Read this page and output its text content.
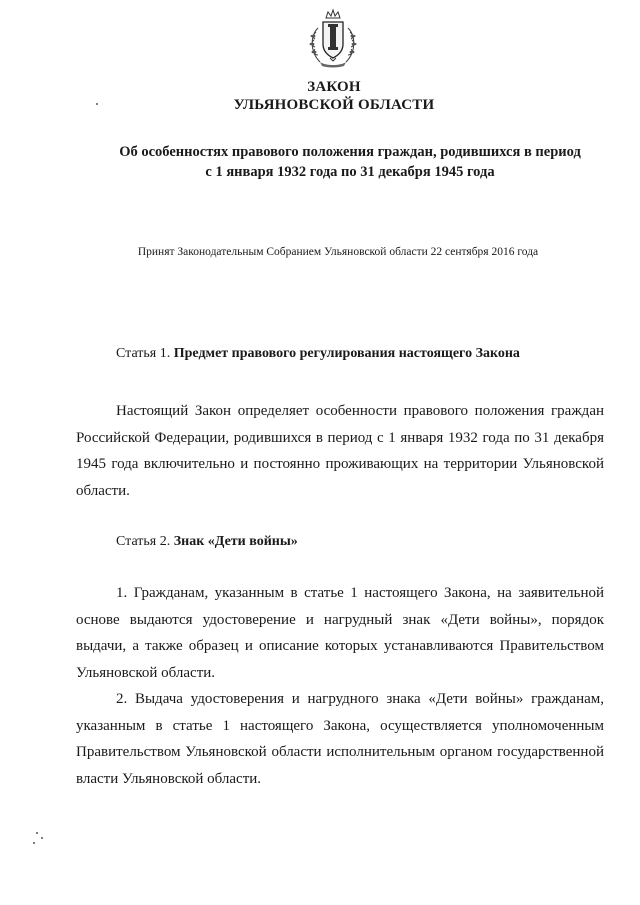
ЗАКОН
УЛЬЯНОВСКОЙ ОБЛАСТИ
Об особенностях правового положения граждан, родившихся в период
с 1 января 1932 года по 31 декабря 1945 года
Принят Законодательным Собранием Ульяновской области 22 сентября 2016 года
Статья 1. Предмет правового регулирования настоящего Закона
Настоящий Закон определяет особенности правового положения граждан Российской Федерации, родившихся в период с 1 января 1932 года по 31 декабря 1945 года включительно и постоянно проживающих на территории Ульяновской области.
Статья 2. Знак «Дети войны»
1. Гражданам, указанным в статье 1 настоящего Закона, на заявительной основе выдаются удостоверение и нагрудный знак «Дети войны», порядок выдачи, а также образец и описание которых устанавливаются Правительством Ульяновской области.
2. Выдача удостоверения и нагрудного знака «Дети войны» гражданам, указанным в статье 1 настоящего Закона, осуществляется уполномоченным Правительством Ульяновской области исполнительным органом государственной власти Ульяновской области.
